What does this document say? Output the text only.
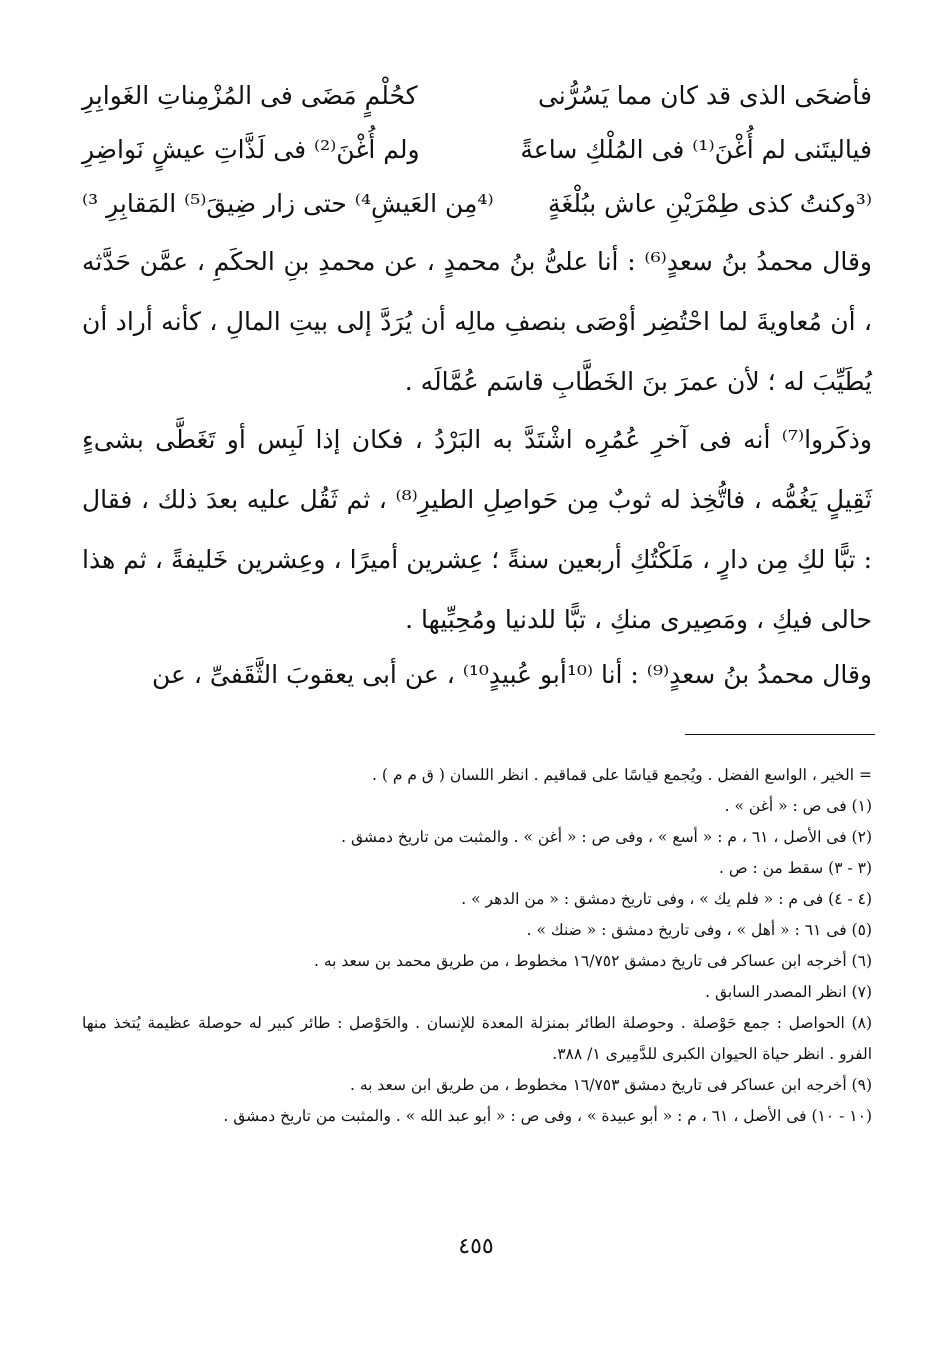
فأضحَى الذى قد كان مما يَسُرُّنى
كحُلْمٍ مَضَى فى المُزْمِناتِ الغَوابِرِ
فياليتَنى لم أُغْنَ⁽¹⁾ فى المُلْكِ ساعةً
ولم أُغْنَ⁽²⁾ فى لَذَّاتِ عيشٍ نَواضِرِ
⁽³وكنتُ كذى طِمْرَيْنِ عاش ببُلْغَةٍ
⁽⁴مِن العَيشِ⁴⁾ حتى زار ضِيقَ⁽⁵⁾ المَقابِرِ ³⁾

وقال محمدُ بنُ سعدٍ⁽⁶⁾ : أنا علىُّ بنُ محمدٍ ، عن محمدِ بنِ الحكَمِ ، عمَّن حَدَّثه ، أن مُعاويةَ لما احْتُضِر أوْصَى بنصفِ مالِه أن يُرَدَّ إلى بيتِ المالِ ، كأنه أراد أن يُطَيِّبَ له ؛ لأن عمرَ بنَ الخَطَّابِ قاسَم عُمَّالَه .

وذكَروا⁽⁷⁾ أنه فى آخرِ عُمُرِه اشْتَدَّ به البَرْدُ ، فكان إذا لَبِس أو تَغَطَّى بشىءٍ ثَقِيلٍ يَغُمُّه ، فاتُّخِذ له ثوبٌ مِن حَواصِلِ الطيرِ⁽⁸⁾ ، ثم ثَقُل عليه بعدَ ذلك ، فقال : تبًّا لكِ مِن دارٍ ، مَلَكْتُكِ أربعين سنةً ؛ عِشرين أميرًا ، وعِشرين خَليفةً ، ثم هذا حالى فيكِ ، ومَصِيرى منكِ ، تبًّا للدنيا ومُحِبِّيها .

وقال محمدُ بنُ سعدٍ⁽⁹⁾ : أنا ⁽¹⁰أبو عُبيدٍ¹⁰⁾ ، عن أبى يعقوبَ الثَّقَفىِّ ، عن

= الخير ، الواسع الفضل . ويُجمع قياسًا على قماقيم . انظر اللسان ( ق م م ) .
(١) فى ص : « أغن » .
(٢) فى الأصل ، ٦١ ، م : « أسع » ، وفى ص : « أغن » . والمثبت من تاريخ دمشق .
(٣ - ٣) سقط من : ص .
(٤ - ٤) فى م : « فلم يك » ، وفى تاريخ دمشق : « من الدهر » .
(٥) فى ٦١ : « أهل » ، وفى تاريخ دمشق : « ضنك » .
(٦) أخرجه ابن عساكر فى تاريخ دمشق ١٦/٧٥٢ مخطوط ، من طريق محمد بن سعد به .
(٧) انظر المصدر السابق .
(٨) الحواصل : جمع حَوْصلة . وحوصلة الطائر بمنزلة المعدة للإنسان . والحَوْصل : طائر كبير له حوصلة عظيمة يُتخذ منها الفرو . انظر حياة الحيوان الكبرى للدَّمِيرى ١/ ٣٨٨.
(٩) أخرجه ابن عساكر فى تاريخ دمشق ١٦/٧٥٣ مخطوط ، من طريق ابن سعد به .
(١٠ - ١٠) فى الأصل ، ٦١ ، م : « أبو عبيدة » ، وفى ص : « أبو عبد الله » . والمثبت من تاريخ دمشق .
٤٥٥
